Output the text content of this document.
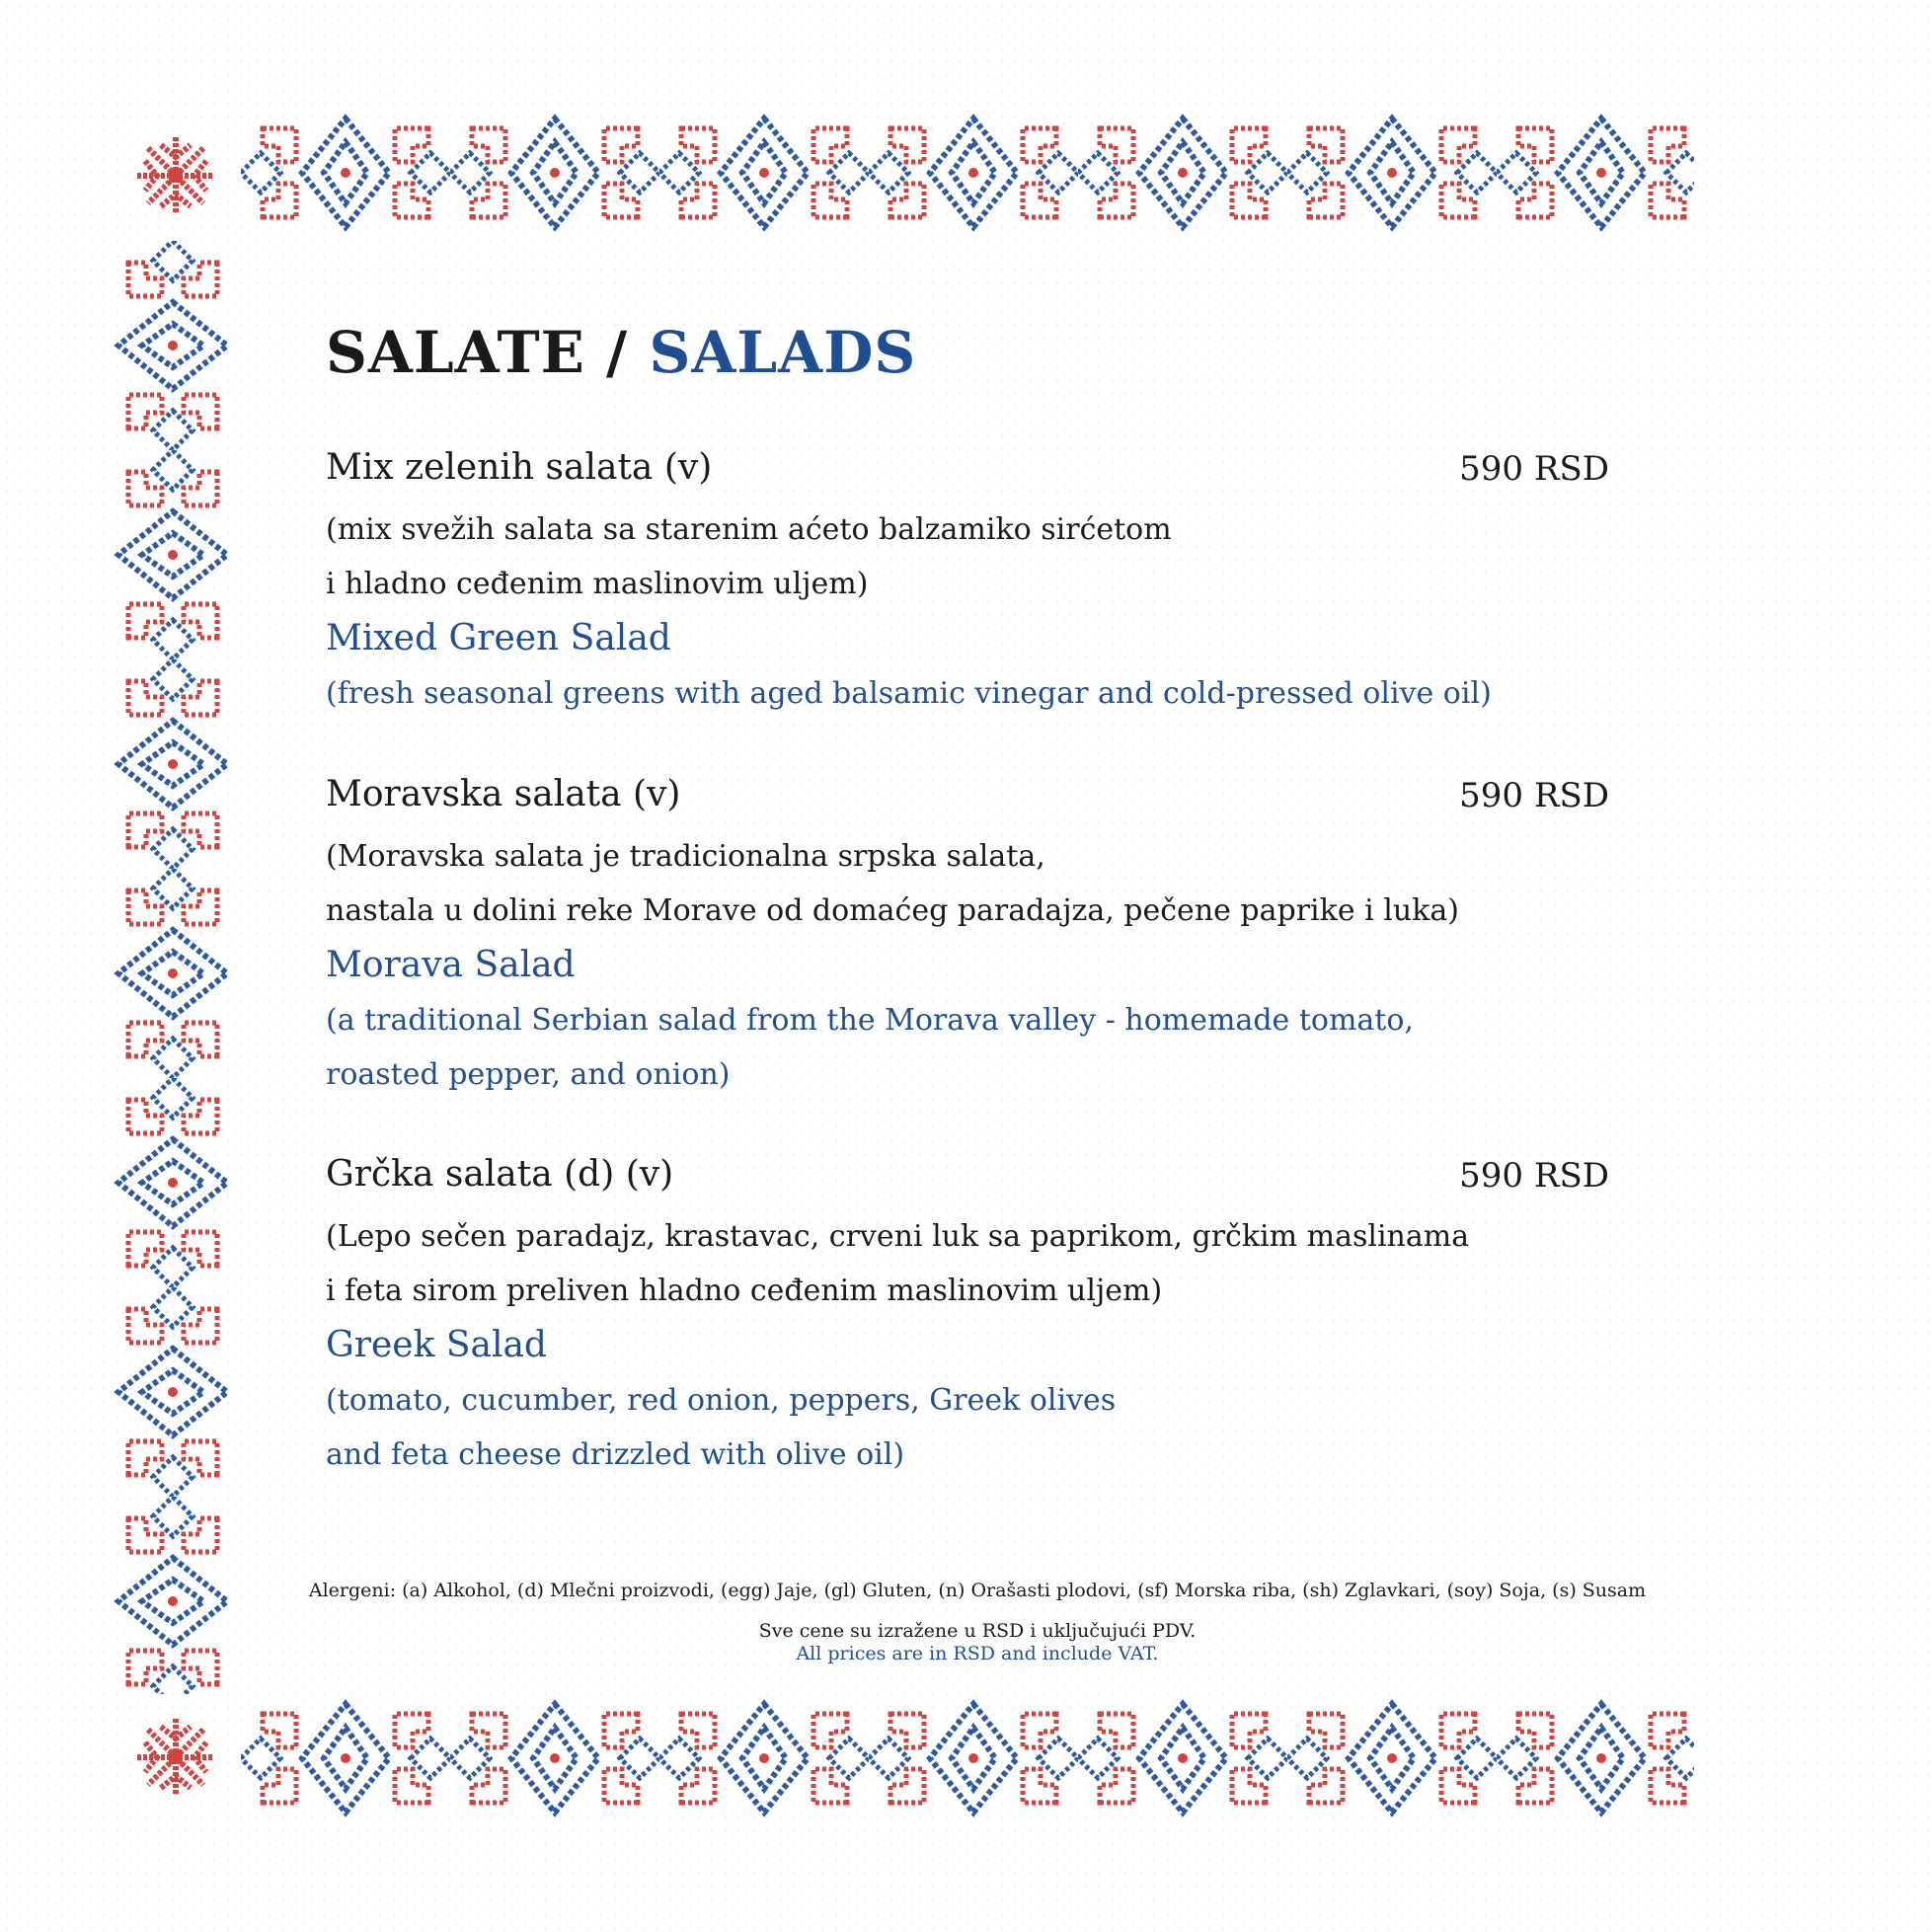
SALATE / SALADS
Mix zelenih salata (v)	590 RSD
(mix svežih salata sa starenim aćeto balzamiko sirćetom
i hladno ceđenim maslinovim uljem)
Mixed Green Salad
(fresh seasonal greens with aged balsamic vinegar and cold-pressed olive oil)
Moravska salata (v)	590 RSD
(Moravska salata je tradicionalna srpska salata,
nastala u dolini reke Morave od domaćeg paradajza, pečene paprike i luka)
Morava Salad
(a traditional Serbian salad from the Morava valley - homemade tomato,
roasted pepper, and onion)
Grčka salata (d) (v)	590 RSD
(Lepo sečen paradajz, krastavac, crveni luk sa paprikom, grčkim maslinama
i feta sirom preliven hladno ceđenim maslinovim uljem)
Greek Salad
(tomato, cucumber, red onion, peppers, Greek olives
and feta cheese drizzled with olive oil)
Alergeni: (a) Alkohol, (d) Mlečni proizvodi, (egg) Jaje, (gl) Gluten, (n) Orašasti plodovi, (sf) Morska riba, (sh) Zglavkari, (soy) Soja, (s) Susam
Sve cene su izražene u RSD i uključujući PDV.
All prices are in RSD and include VAT.
